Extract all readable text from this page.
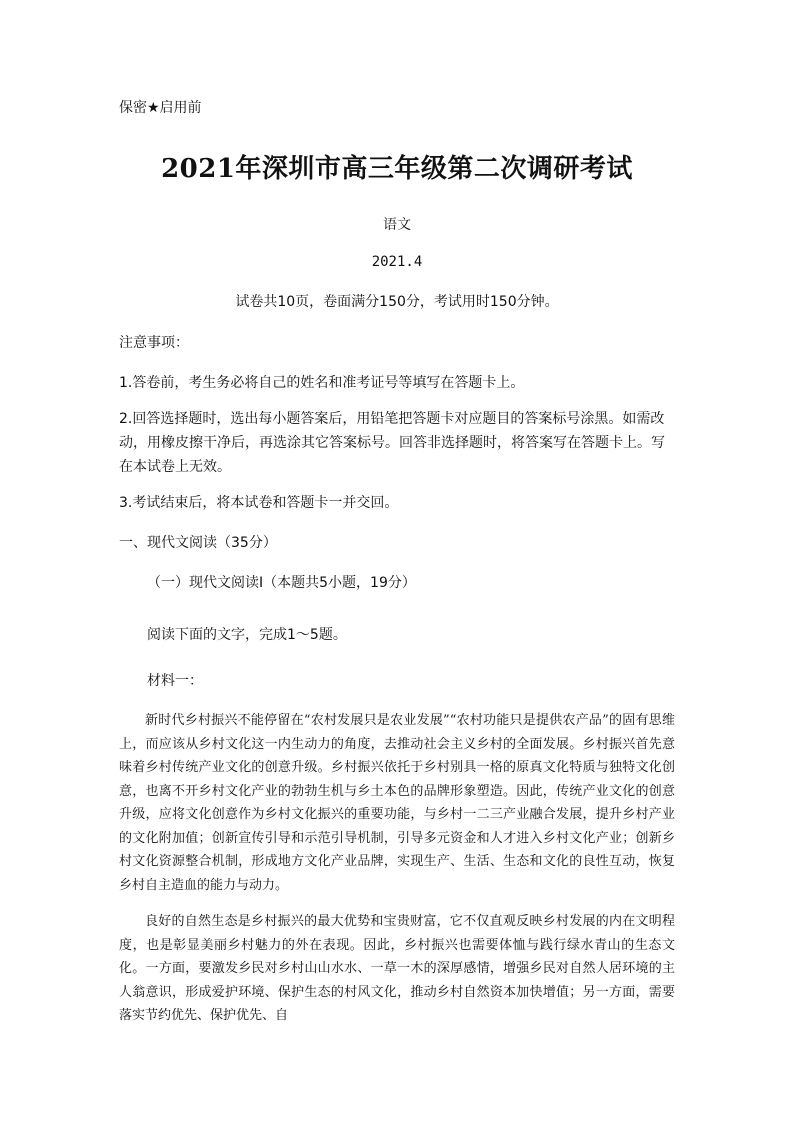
保密★启用前
2021年深圳市高三年级第二次调研考试
语文
2021.4
试卷共10页，卷面满分150分，考试用时150分钟。
注意事项：
1.答卷前，考生务必将自己的姓名和准考证号等填写在答题卡上。
2.回答选择题时，选出每小题答案后，用铅笔把答题卡对应题目的答案标号涂黑。如需改动，用橡皮擦干净后，再选涂其它答案标号。回答非选择题时，将答案写在答题卡上。写在本试卷上无效。
3.考试结束后，将本试卷和答题卡一并交回。
一、现代文阅读（35分）
（一）现代文阅读Ⅰ（本题共5小题，19分）
阅读下面的文字，完成1～5题。
材料一：
新时代乡村振兴不能停留在“农村发展只是农业发展”“农村功能只是提供农产品”的固有思维上，而应该从乡村文化这一内生动力的角度，去推动社会主义乡村的全面发展。乡村振兴首先意味着乡村传统产业文化的创意升级。乡村振兴依托于乡村别具一格的原真文化特质与独特文化创意，也离不开乡村文化产业的勃勃生机与乡土本色的品牌形象塑造。因此，传统产业文化的创意升级，应将文化创意作为乡村文化振兴的重要功能，与乡村一二三产业融合发展，提升乡村产业的文化附加值；创新宣传引导和示范引导机制，引导多元资金和人才进入乡村文化产业；创新乡村文化资源整合机制，形成地方文化产业品牌，实现生产、生活、生态和文化的良性互动，恢复乡村自主造血的能力与动力。
良好的自然生态是乡村振兴的最大优势和宝贵财富，它不仅直观反映乡村发展的内在文明程度，也是彰显美丽乡村魅力的外在表现。因此，乡村振兴也需要体恤与践行绿水青山的生态文化。一方面，要激发乡民对乡村山山水水、一草一木的深厚感情，增强乡民对自然人居环境的主人翁意识，形成爱护环境、保护生态的村风文化，推动乡村自然资本加快增值；另一方面，需要落实节约优先、保护优先、自
